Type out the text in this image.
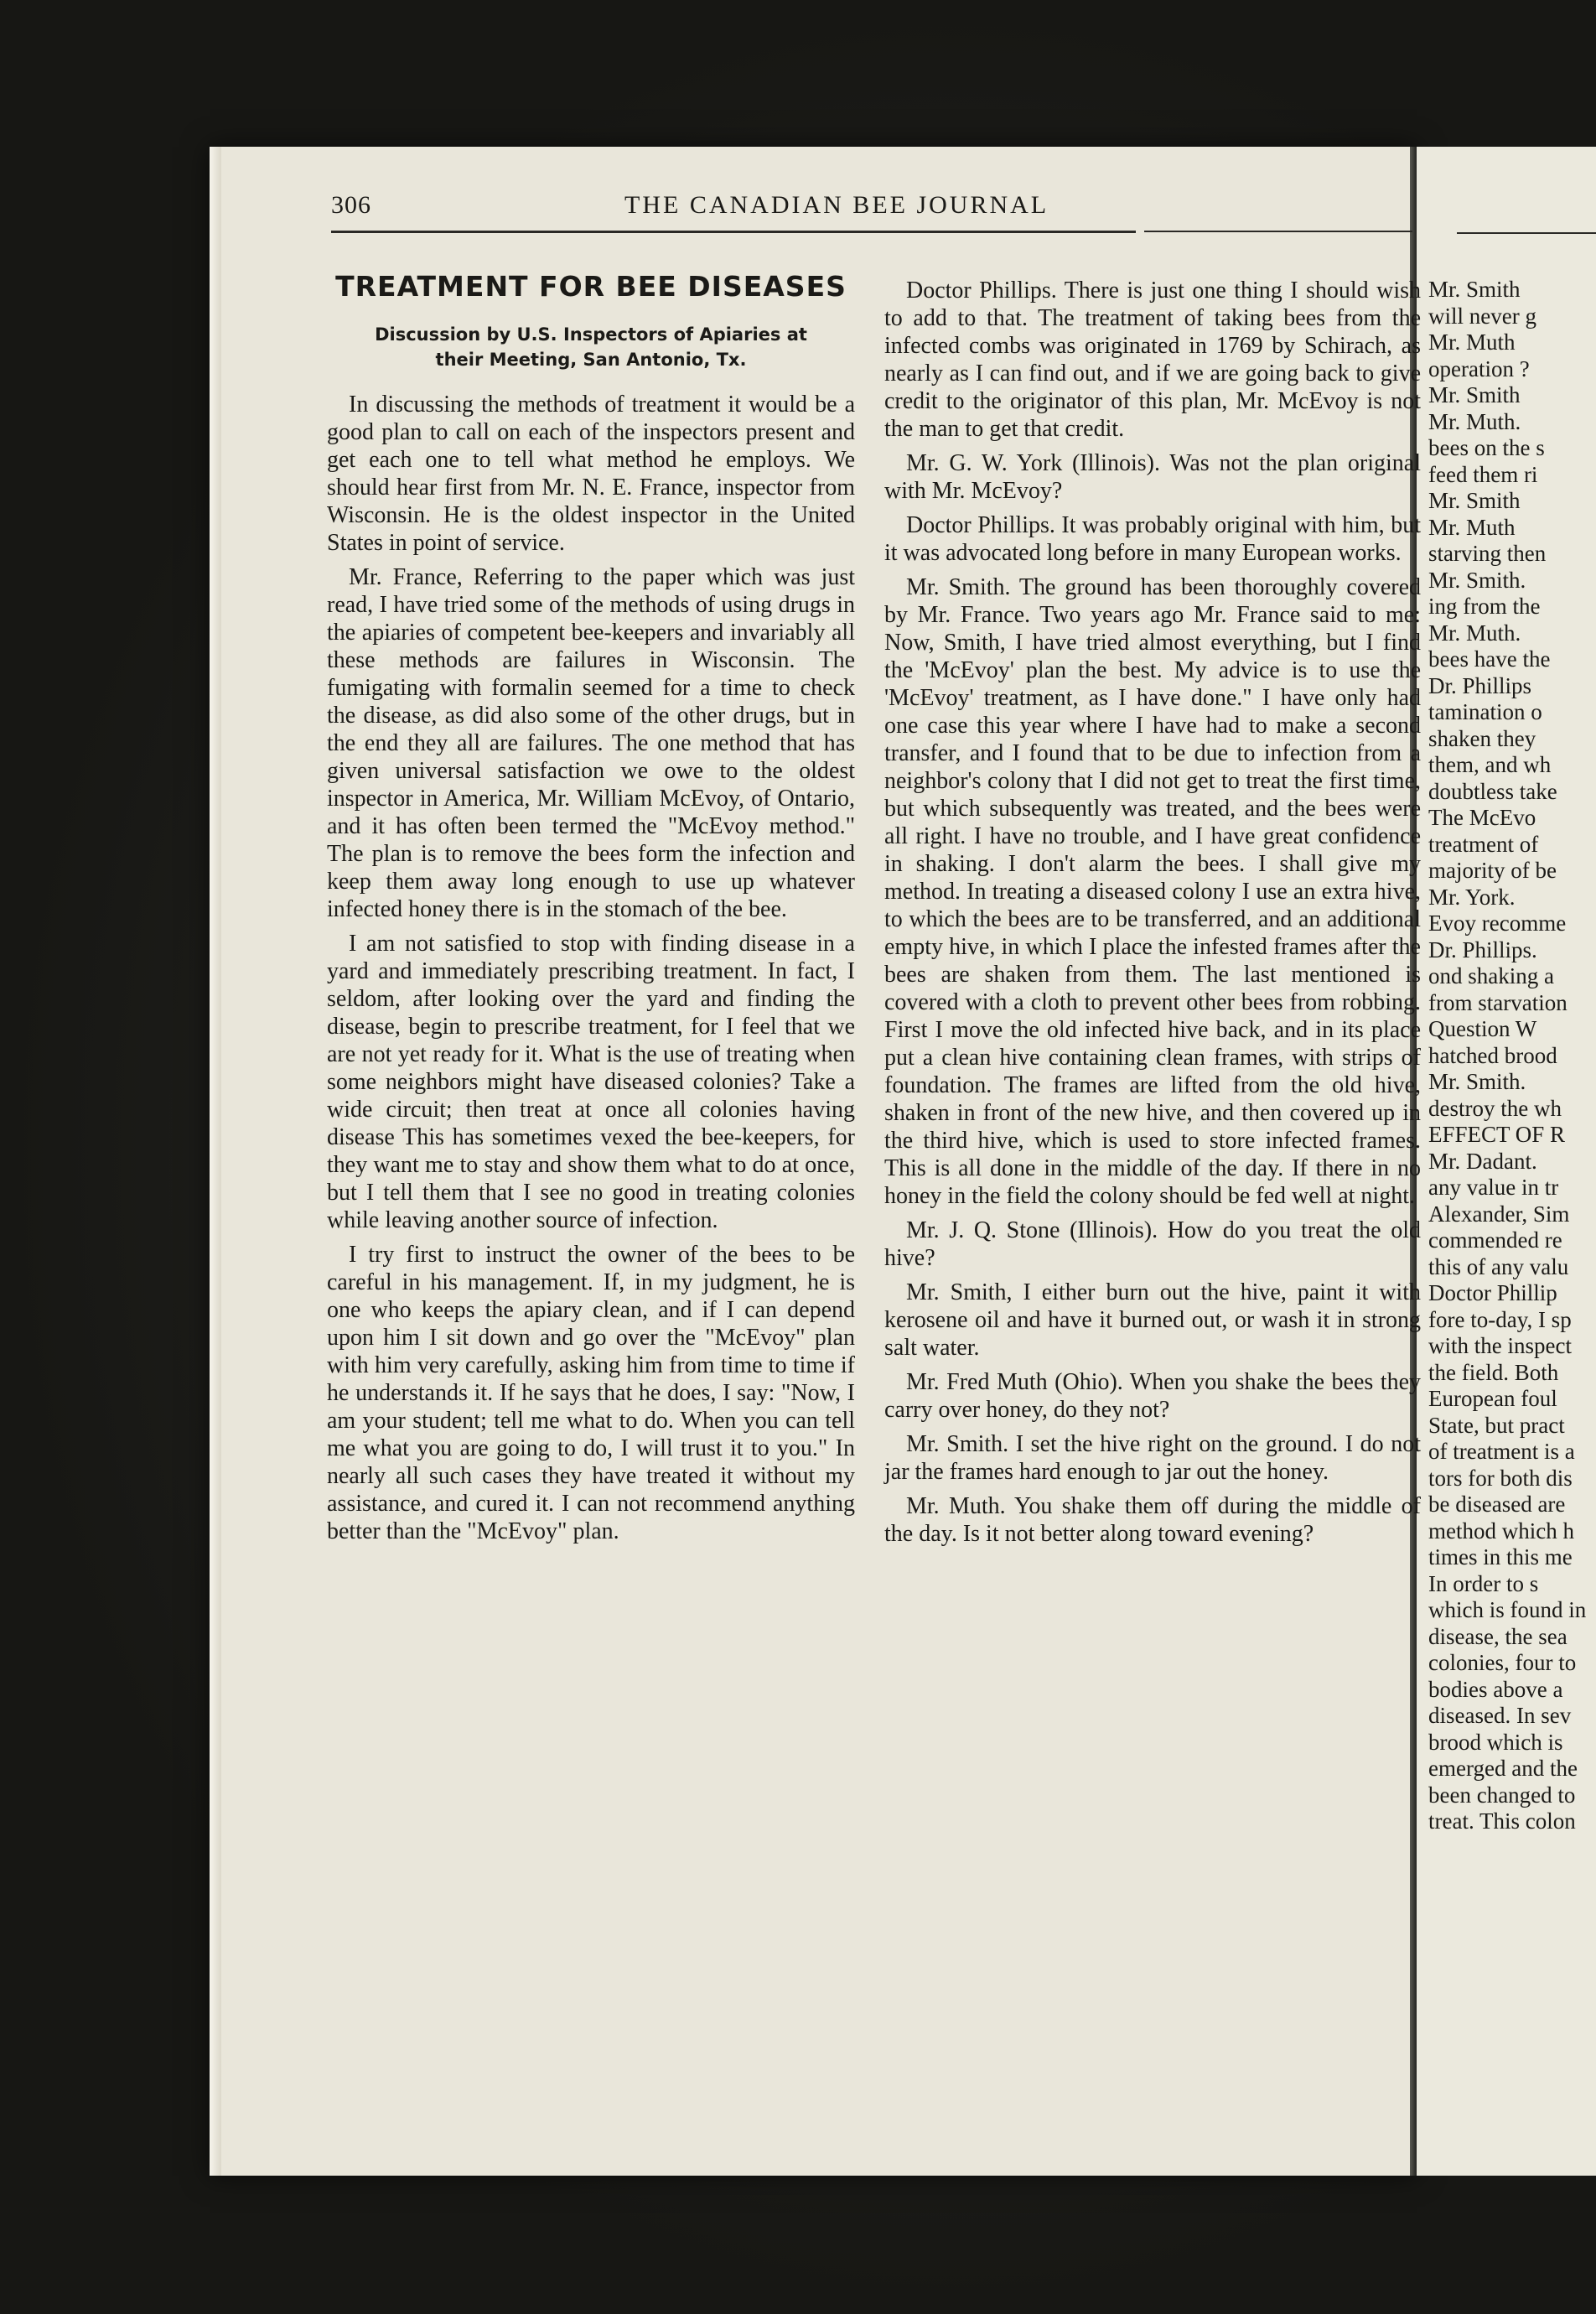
Mr. Smith
will never g
Mr. Muth
operation ?
Mr. Smith
Mr. Muth.
bees on the s
feed them ri
Mr. Smith
Mr. Muth
starving then
Mr. Smith.
ing from the
Mr. Muth.
bees have the
Dr. Phillips
tamination o
shaken they
them, and wh
doubtless take
The McEvo
treatment of
majority of be
Mr. York.
Evoy recomme
Dr. Phillips.
ond shaking a
from starvation
Question W
hatched brood
Mr. Smith.
destroy the wh
EFFECT OF R
Mr. Dadant.
any value in tr
Alexander, Sim
commended re
this of any valu
Doctor Phillip
fore to-day, I sp
with the inspect
the field. Both
European foul
State, but pract
of treatment is a
tors for both dis
be diseased are
method which h
times in this me
In order to s
which is found in
disease, the sea
colonies, four to
bodies above a
diseased. In sev
brood which is
emerged and the
been changed to
treat. This colon
306	THE CANADIAN BEE JOURNAL
TREATMENT FOR BEE DISEASES
Discussion by U.S. Inspectors of Apiaries at their Meeting, San Antonio, Tx.

In discussing the methods of treatment it would be a good plan to call on each of the inspectors present and get each one to tell what method he employs. We should hear first from Mr. N. E. France, inspector from Wisconsin. He is the oldest inspector in the United States in point of service.

Mr. France, Referring to the paper which was just read, I have tried some of the methods of using drugs in the apiaries of competent bee-keepers and invariably all these methods are failures in Wisconsin. The fumigating with formalin seemed for a time to check the disease, as did also some of the other drugs, but in the end they all are failures. The one method that has given universal satisfaction we owe to the oldest inspector in America, Mr. William McEvoy, of Ontario, and it has often been termed the "McEvoy method." The plan is to remove the bees form the infection and keep them away long enough to use up whatever infected honey there is in the stomach of the bee.

I am not satisfied to stop with finding disease in a yard and immediately prescribing treatment. In fact, I seldom, after looking over the yard and finding the disease, begin to prescribe treatment, for I feel that we are not yet ready for it. What is the use of treating when some neighbors might have diseased colonies? Take a wide circuit; then treat at once all colonies having disease This has sometimes vexed the bee-keepers, for they want me to stay and show them what to do at once, but I tell them that I see no good in treating colonies while leaving another source of infection.

I try first to instruct the owner of the bees to be careful in his management. If, in my judgment, he is one who keeps the apiary clean, and if I can depend upon him I sit down and go over the "McEvoy" plan with him very carefully, asking him from time to time if he understands it. If he says that he does, I say: "Now, I am your student; tell me what to do. When you can tell me what you are going to do, I will trust it to you." In nearly all such cases they have treated it without my assistance, and cured it. I can not recommend anything better than the "McEvoy" plan.

Doctor Phillips. There is just one thing I should wish to add to that. The treatment of taking bees from the infected combs was originated in 1769 by Schirach, as nearly as I can find out, and if we are going back to give credit to the originator of this plan, Mr. McEvoy is not the man to get that credit.

Mr. G. W. York (Illinois). Was not the plan original with Mr. McEvoy?

Doctor Phillips. It was probably original with him, but it was advocated long before in many European works.

Mr. Smith. The ground has been thoroughly covered by Mr. France. Two years ago Mr. France said to me: Now, Smith, I have tried almost everything, but I find the 'McEvoy' plan the best. My advice is to use the 'McEvoy' treatment, as I have done." I have only had one case this year where I have had to make a second transfer, and I found that to be due to infection from a neighbor's colony that I did not get to treat the first time, but which subsequently was treated, and the bees were all right. I have no trouble, and I have great confidence in shaking. I don't alarm the bees. I shall give my method. In treating a diseased colony I use an extra hive, to which the bees are to be transferred, and an additional empty hive, in which I place the infested frames after the bees are shaken from them. The last mentioned is covered with a cloth to prevent other bees from robbing. First I move the old infected hive back, and in its place put a clean hive containing clean frames, with strips of foundation. The frames are lifted from the old hive, shaken in front of the new hive, and then covered up in the third hive, which is used to store infected frames. This is all done in the middle of the day. If there in no honey in the field the colony should be fed well at night.

Mr. J. Q. Stone (Illinois). How do you treat the old hive?

Mr. Smith, I either burn out the hive, paint it with kerosene oil and have it burned out, or wash it in strong salt water.

Mr. Fred Muth (Ohio). When you shake the bees they carry over honey, do they not?

Mr. Smith. I set the hive right on the ground. I do not jar the frames hard enough to jar out the honey.

Mr. Muth. You shake them off during the middle of the day. Is it not better along toward evening?
